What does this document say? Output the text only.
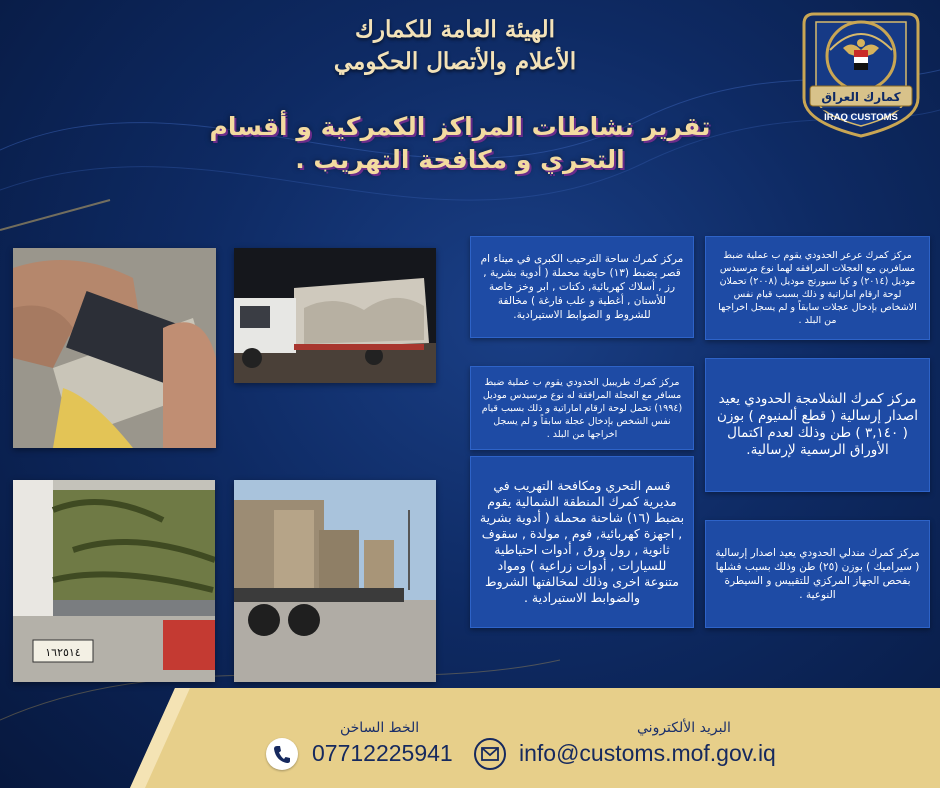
الهيئة العامة للكمارك
الأعلام والأتصال الحكومي
تقرير نشاطات المراكز الكمركية و أقسام
التحري و مكافحة التهريب .
كمارك العراق
IRAQ CUSTOMS
١٦٢٥١٤
مركز كمرك ساحة الترحيب الكبرى في ميناء ام قصر يضبط (١٣) حاوية محملة ( أدوية بشرية , رز , أسلاك كهربائية, دكتات , ابر وخز خاصة للأسنان , أغطية و علب فارغة ) مخالفة للشروط و الضوابط الاستيرادية.
مركز كمرك عرعر الحدودي يقوم ب عملية ضبط مسافرين مع العجلات المرافقه لهما نوع مرسيدس موديل (٢٠١٤) و كيا سبورتج موديل (٢٠٠٨) تحملان لوحة ارقام اماراتية و ذلك بسبب قيام نفس الاشخاص بإدخال عجلات سابقاً و لم يسجل اخراجها من البلد .
مركز كمرك طريبيل الحدودي يقوم ب عملية ضبط مسافر مع العجلة المرافقة له نوع مرسيدس موديل (١٩٩٤) تحمل لوحة ارقام اماراتية و ذلك بسبب قيام نفس الشخص بإدخال عجلة سابقاً و لم يسجل اخراجها من البلد .
مركز كمرك الشلامجة الحدودي يعيد اصدار إرسالية ( قطع ألمنيوم ) بوزن ( ٣,١٤٠ ) طن وذلك لعدم اكتمال الأوراق الرسمية لإرسالية.
قسم التحري ومكافحة التهريب في مديرية كمرك المنطقة الشمالية يقوم بضبط (١٦) شاحنة محملة ( أدوية بشرية , اجهزة كهربائية, فوم , مولدة , سقوف ثانوية , رول ورق , أدوات احتياطية للسيارات , أدوات زراعية ) ومواد متنوعة اخرى وذلك لمخالفتها الشروط والضوابط الاستيرادية .
مركز كمرك مندلي الحدودي يعيد اصدار إرسالية ( سيراميك ) بوزن (٢٥) طن وذلك بسبب فشلها بفحص الجهاز المركزي للتقييس و السيطرة النوعية .
الخط الساخن
07712225941
البريد الألكتروني
info@customs.mof.gov.iq
